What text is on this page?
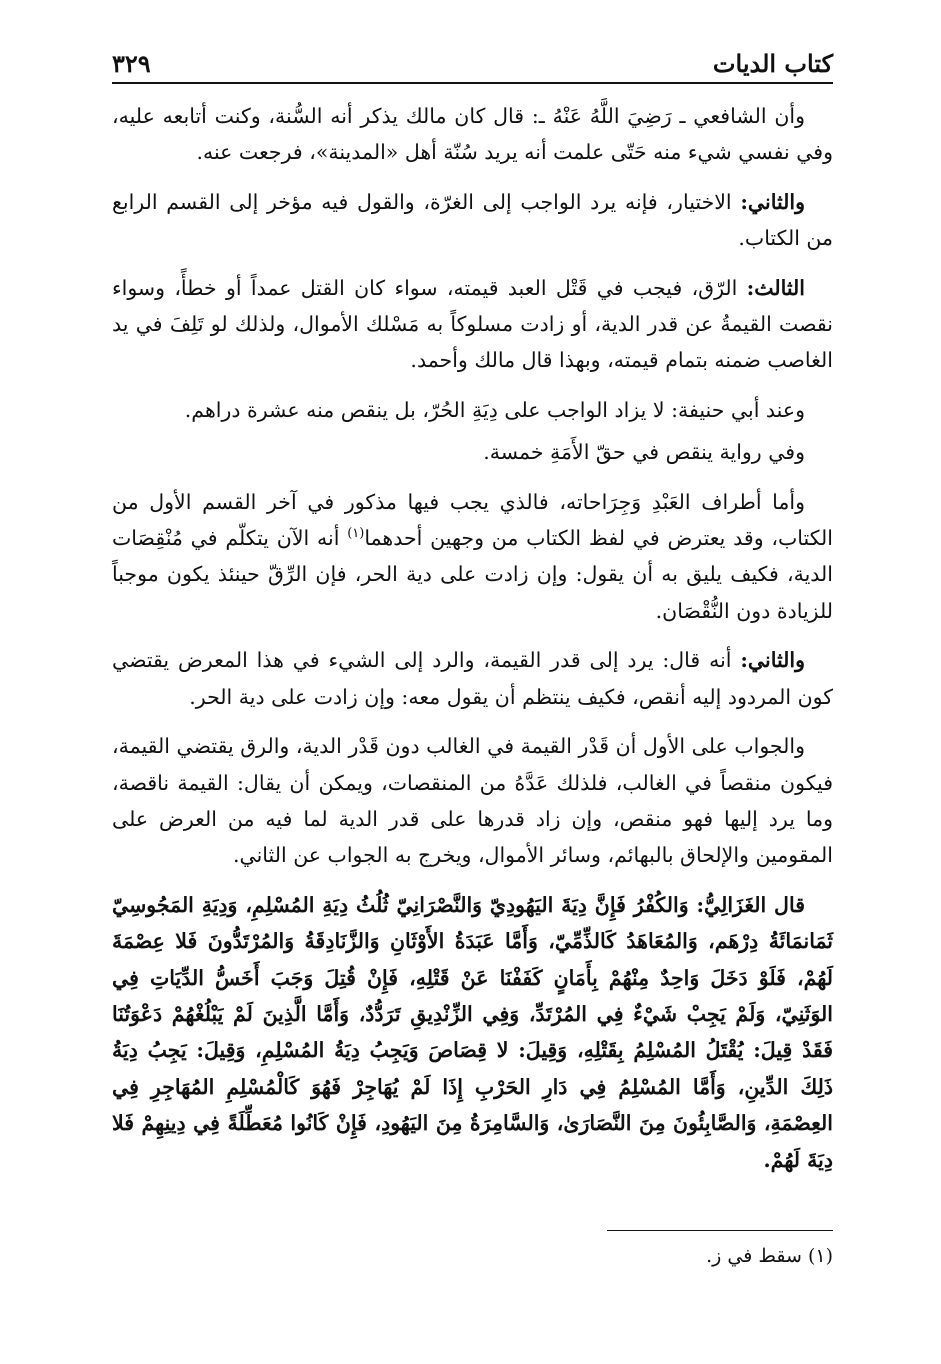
كتاب الديات
٣٢٩

وأن الشافعي ـ رَضِيَ اللَّهُ عَنْهُ ـ: قال كان مالك يذكر أنه السُّنة، وكنت أتابعه عليه، وفي نفسي شيء منه حَتّى علمت أنه يريد سُنّة أهل «المدينة»، فرجعت عنه.

والثاني: الاختيار، فإنه يرد الواجب إلى الغرّة، والقول فيه مؤخر إلى القسم الرابع من الكتاب.

الثالث: الرّق، فيجب في قَتْل العبد قيمته، سواء كان القتل عمداً أو خطأً، وسواء نقصت القيمةُ عن قدر الدية، أو زادت مسلوكاً به مَسْلك الأموال، ولذلك لو تَلِفَ في يد الغاصب ضمنه بتمام قيمته، وبهذا قال مالك وأحمد.

وعند أبي حنيفة: لا يزاد الواجب على دِيَةِ الحُرّ، بل ينقص منه عشرة دراهم.

وفي رواية ينقص في حقّ الأَمَةِ خمسة.

وأما أطراف العَبْدِ وَجِرَاحاته، فالذي يجب فيها مذكور في آخر القسم الأول من الكتاب، وقد يعترض في لفظ الكتاب من وجهين أحدهما$^{(١)}$ أنه الآن يتكلّم في مُنْقِصَات الدية، فكيف يليق به أن يقول: وإن زادت على دية الحر، فإن الرِّقّ حينئذ يكون موجباً للزيادة دون النُّقْصَان.

والثاني: أنه قال: يرد إلى قدر القيمة، والرد إلى الشيء في هذا المعرض يقتضي كون المردود إليه أنقص، فكيف ينتظم أن يقول معه: وإن زادت على دية الحر.

والجواب على الأول أن قَدْر القيمة في الغالب دون قَدْر الدية، والرق يقتضي القيمة، فيكون منقصاً في الغالب، فلذلك عَدَّهُ من المنقصات، ويمكن أن يقال: القيمة ناقصة، وما يرد إليها فهو منقص، وإن زاد قدرها على قدر الدية لما فيه من العرض على المقومين والإلحاق بالبهائم، وسائر الأموال، ويخرج به الجواب عن الثاني.

قال الغَزَالِيُّ: وَالكُفْرُ فَإِنَّ دِيَةَ اليَهُودِيّ وَالنَّصْرَانِيّ ثُلُثُ دِيَةِ المُسْلِمِ، وَدِيَةِ المَجُوسِيّ ثَمَانمَائَةُ دِرْهَم، وَالمُعَاهَدُ كَالذِّمِّيّ، وَأَمَّا عَبَدَةُ الأَوْثَانِ وَالزَّنَادِقَةُ وَالمُرْتَدُّونَ فَلا عِصْمَةَ لَهُمْ، فَلَوْ دَخَلَ وَاحِدٌ مِنْهُمْ بِأَمَانٍ كَفَفْنَا عَنْ قَتْلِهِ، فَإِنْ قُتِلَ وَجَبَ أَخَسُّ الدِّيَاتِ فِي الوَثَنِيّ، وَلَمْ يَجِبْ شَيْءٌ فِي المُرْتَدِّ، وَفِي الزِّنْدِيقِ تَرَدُّدٌ، وَأَمَّا الَّذِينَ لَمْ يَبْلُغْهُمْ دَعْوَتُنَا فَقَدْ قِيلَ: يُقْتَلُ المُسْلِمُ بِقَتْلِهِ، وَقِيلَ: لا قِصَاصَ وَيَجِبُ دِيَةُ المُسْلِمِ، وَقِيلَ: يَجِبُ دِيَةُ ذَلِكَ الدِّينِ، وَأَمَّا المُسْلِمُ فِي دَارِ الحَرْبِ إِذَا لَمْ يُهَاجِرْ فَهُوَ كَالْمُسْلِمِ المُهَاجِرِ فِي العِصْمَةِ، وَالصَّابِئُونَ مِنَ النَّصَارَىٰ، وَالسَّامِرَةُ مِنَ اليَهُودِ، فَإِنْ كَانُوا مُعَطِّلَةً فِي دِينِهِمْ فَلا دِيَةَ لَهُمْ.

(١) سقط في ز.
